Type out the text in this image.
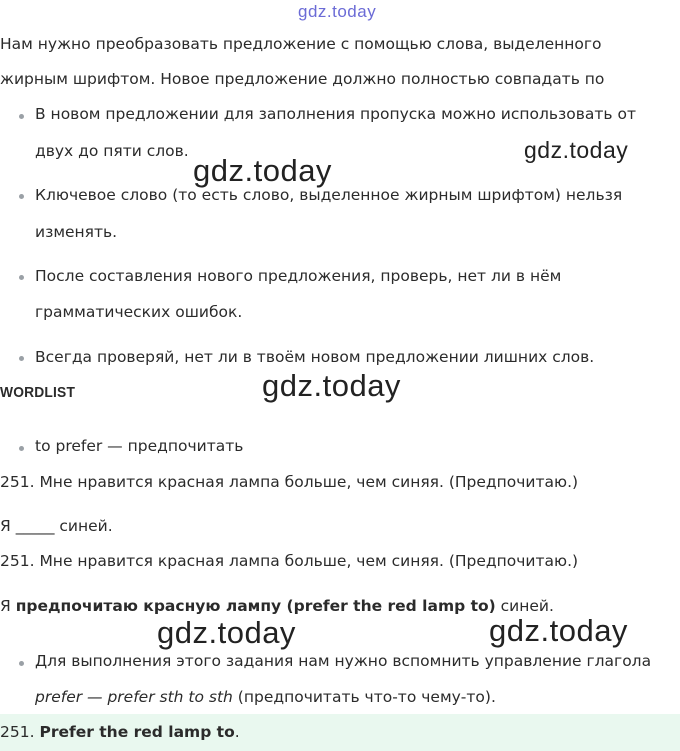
gdz.today
gdz.today
gdz.today
gdz.today
gdz.today	gdz.today
Нам нужно преобразовать предложение с помощью слова, выделенного
жирным шрифтом. Новое предложение должно полностью совпадать по
В новом предложении для заполнения пропуска можно использовать от
двух до пяти слов.
Ключевое слово (то есть слово, выделенное жирным шрифтом) нельзя
изменять.
После составления нового предложения, проверь, нет ли в нём
грамматических ошибок.
Всегда проверяй, нет ли в твоём новом предложении лишних слов.
WORDLIST
to prefer — предпочитать
251. Мне нравится красная лампа больше, чем синяя. (Предпочитаю.)
Я _____ синей.
251. Мне нравится красная лампа больше, чем синяя. (Предпочитаю.)
Я предпочитаю красную лампу (prefer the red lamp to) синей.
Для выполнения этого задания нам нужно вспомнить управление глагола
prefer — prefer sth to sth (предпочитать что-то чему-то).
251. Prefer the red lamp to.
